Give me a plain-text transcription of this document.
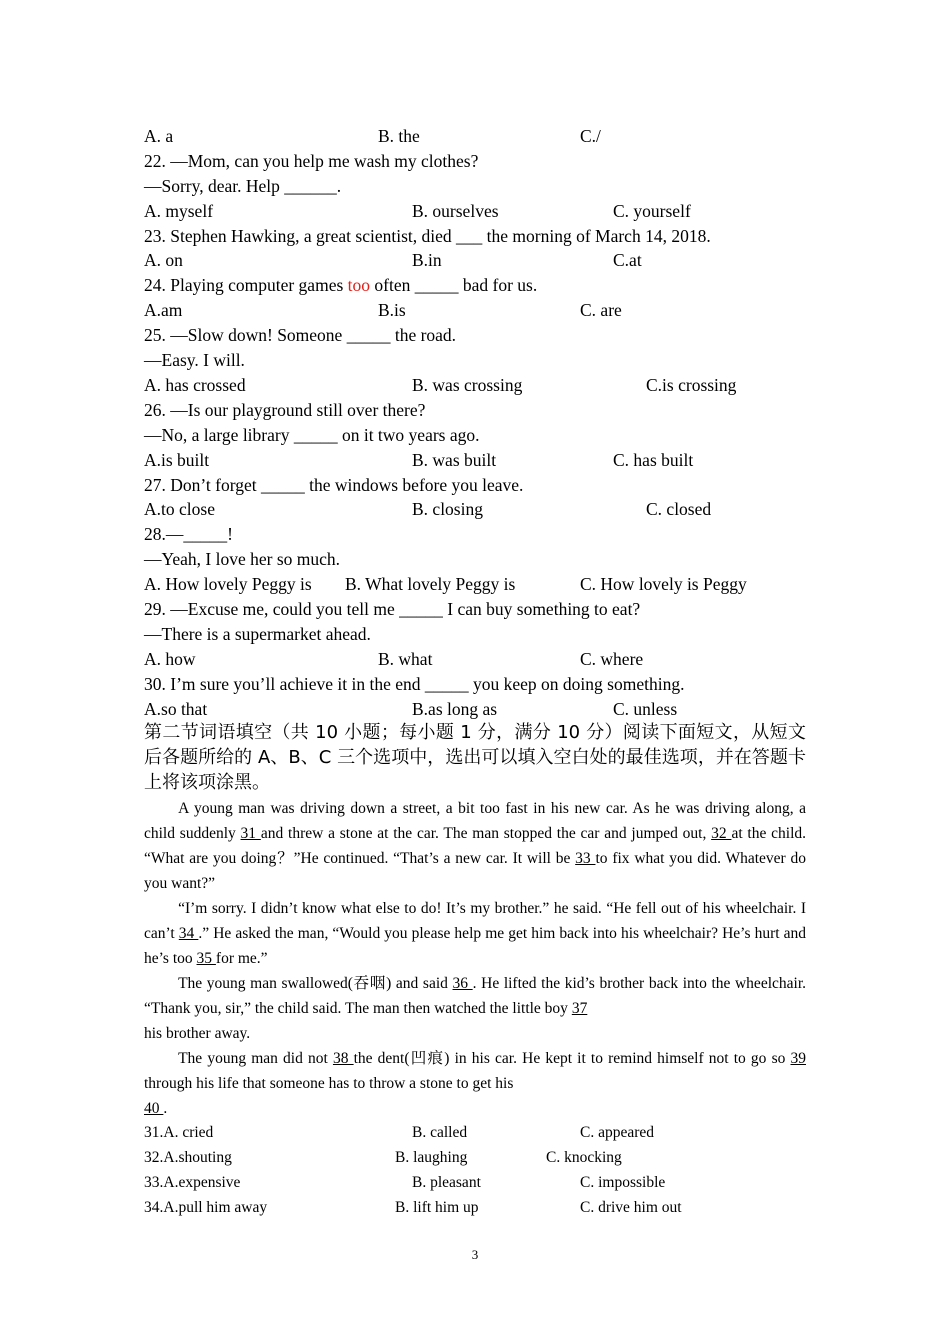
A. a	B. the	C./
22. —Mom, can you help me wash my clothes?
—Sorry, dear. Help ______.
A. myself	B. ourselves	C. yourself
23. Stephen Hawking, a great scientist, died ___ the morning of March 14, 2018.
A. on	B.in	C.at
24. Playing computer games too often _____ bad for us.
A.am	B.is	C. are
25. —Slow down! Someone _____ the road.
—Easy. I will.
A. has crossed	B. was crossing	C.is crossing
26. —Is our playground still over there?
—No, a large library _____ on it two years ago.
A.is built	B. was built	C. has built
27. Don’t forget _____ the windows before you leave.
A.to close	B. closing	C. closed
28.—_____!
—Yeah, I love her so much.
A. How lovely Peggy is B. What lovely Peggy is	C. How lovely is Peggy
29. —Excuse me, could you tell me _____ I can buy something to eat?
—There is a supermarket ahead.
A. how	B. what	C. where
30. I’m sure you’ll achieve it in the end _____ you keep on doing something.
A.so that	B.as long as	C. unless
第二节词语填空（共 10 小题；每小题 1 分，满分 10 分）阅读下面短文，从短文后各题所给的 A、B、C 三个选项中，选出可以填入空白处的最佳选项，并在答题卡上将该项涂黑。

A young man was driving down a street, a bit too fast in his new car. As he was driving along, a child suddenly 31 and threw a stone at the car. The man stopped the car and jumped out, 32 at the child. “What are you doing？”He continued. “That’s a new car. It will be 33 to fix what you did. Whatever do you want?”

“I’m sorry. I didn’t know what else to do! It’s my brother.” he said. “He fell out of his wheelchair. I can’t 34 .” He asked the man, “Would you please help me get him back into his wheelchair? He’s hurt and he’s too 35 for me.”

The young man swallowed(吞咽) and said 36 . He lifted the kid’s brother back into the wheelchair. “Thank you, sir,” the child said. The man then watched the little boy 37
his brother away.

The young man did not 38 the dent(凹痕) in his car. He kept it to remind himself not to go so 39 through his life that someone has to throw a stone to get his
40 .

31.A. cried	B. called	C. appeared
32.A.shouting	B. laughing	C. knocking
33.A.expensive	B. pleasant	C. impossible
34.A.pull him away	B. lift him up	C. drive him out
3
